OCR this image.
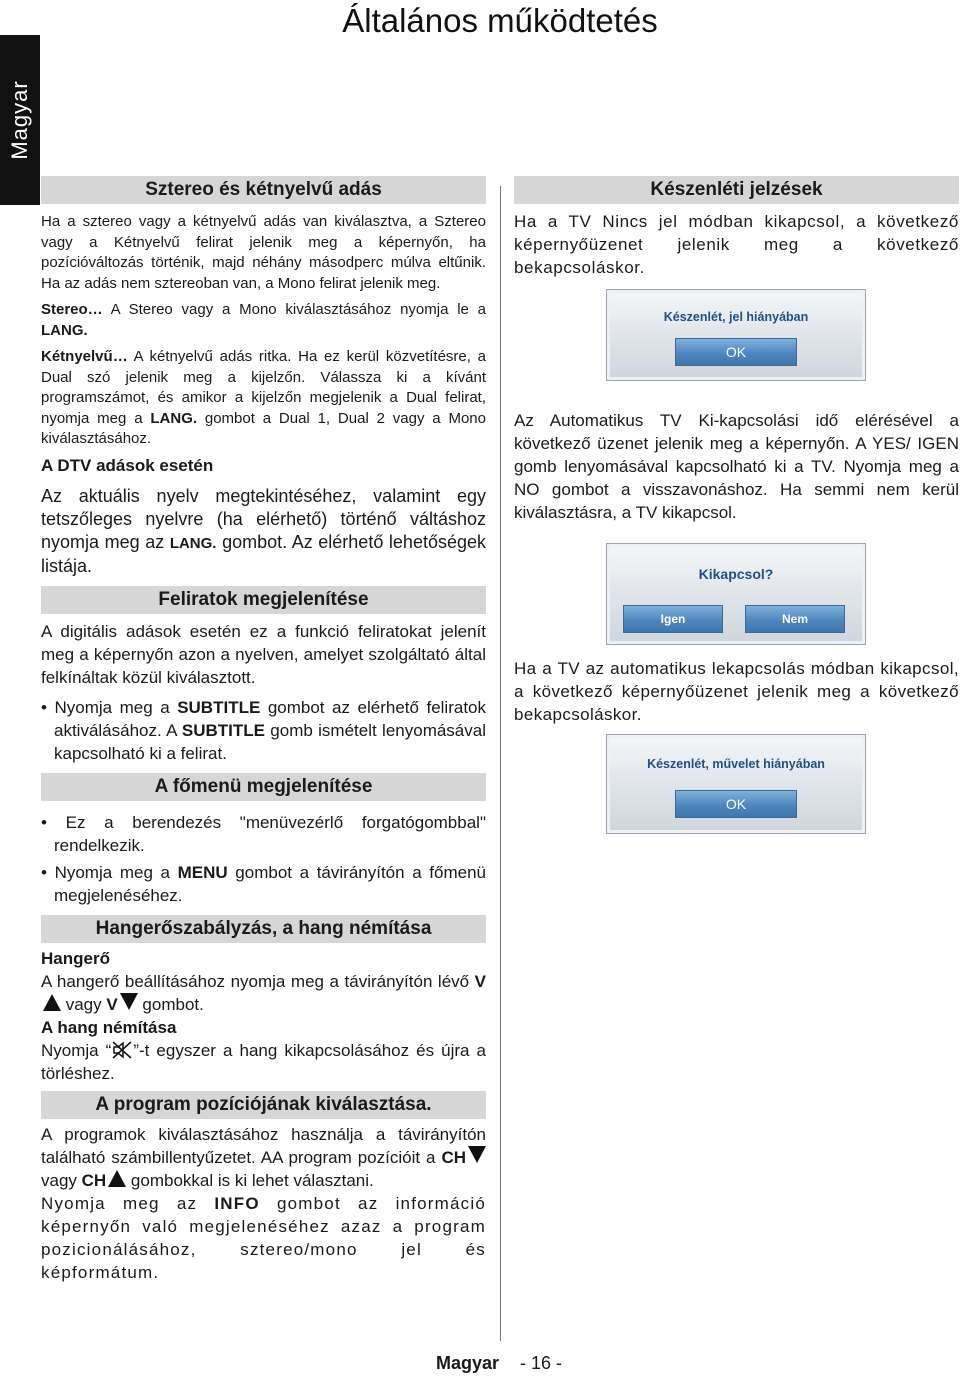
Általános működtetés
Magyar
Sztereo és kétnyelvű adás

Ha a sztereo vagy a kétnyelvű adás van kiválasztva, a Sztereo vagy a Kétnyelvű felirat jelenik meg a képernyőn, ha pozícióváltozás történik, majd néhány másodperc múlva eltűnik. Ha az adás nem sztereoban van, a Mono felirat jelenik meg.

Stereo… A Stereo vagy a Mono kiválasztásához nyomja le a LANG.

Kétnyelvű… A kétnyelvű adás ritka. Ha ez kerül közvetítésre, a Dual szó jelenik meg a kijelzőn. Válassza ki a kívánt programszámot, és amikor a kijelzőn megjelenik a Dual felirat, nyomja meg a LANG. gombot a Dual 1, Dual 2 vagy a Mono kiválasztásához.

A DTV adások esetén

Az aktuális nyelv megtekintéséhez, valamint egy tetszőleges nyelvre (ha elérhető) történő váltáshoz nyomja meg az LANG. gombot. Az elérhető lehetőségek listája.

Feliratok megjelenítése

A digitális adások esetén ez a funkció feliratokat jelenít meg a képernyőn azon a nyelven, amelyet szolgáltató által felkínáltak közül kiválasztott.

• Nyomja meg a SUBTITLE gombot az elérhető feliratok aktiválásához. A SUBTITLE gomb ismételt lenyomásával kapcsolható ki a felirat.

A főmenü megjelenítése

• Ez a berendezés "menüvezérlő forgatógombbal" rendelkezik.

• Nyomja meg a MENU gombot a távirányítón a főmenü megjelenéséhez.

Hangerőszabályzás, a hang némítása

Hangerő

A hangerő beállításához nyomja meg a távirányítón lévő V vagy V gombot.

A hang némítása

Nyomja “ ”-t egyszer a hang kikapcsolásához és újra a törléshez.

A program pozíciójának kiválasztása.

A programok kiválasztásához használja a távirányítón található számbillentyűzetet. AA program pozícióit a CH vagy CH gombokkal is ki lehet választani.

Nyomja meg az INFO gombot az információ képernyőn való megjelenéséhez azaz a program pozicionálásához, sztereo/mono jel és képformátum.

Készenléti jelzések

Ha a TV Nincs jel módban kikapcsol, a következő képernyőüzenet jelenik meg a következő bekapcsoláskor.

Készenlét, jel hiányában
OK

Az Automatikus TV Ki-kapcsolási idő elérésével a következő üzenet jelenik meg a képernyőn. A YES/ IGEN gomb lenyomásával kapcsolható ki a TV. Nyomja meg a NO gombot a visszavonáshoz. Ha semmi nem kerül kiválasztásra, a TV kikapcsol.

Kikapcsol?
Igen	Nem

Ha a TV az automatikus lekapcsolás módban kikapcsol, a következő képernyőüzenet jelenik meg a következő bekapcsoláskor.

Készenlét, művelet hiányában
OK
Magyar - 16 -
